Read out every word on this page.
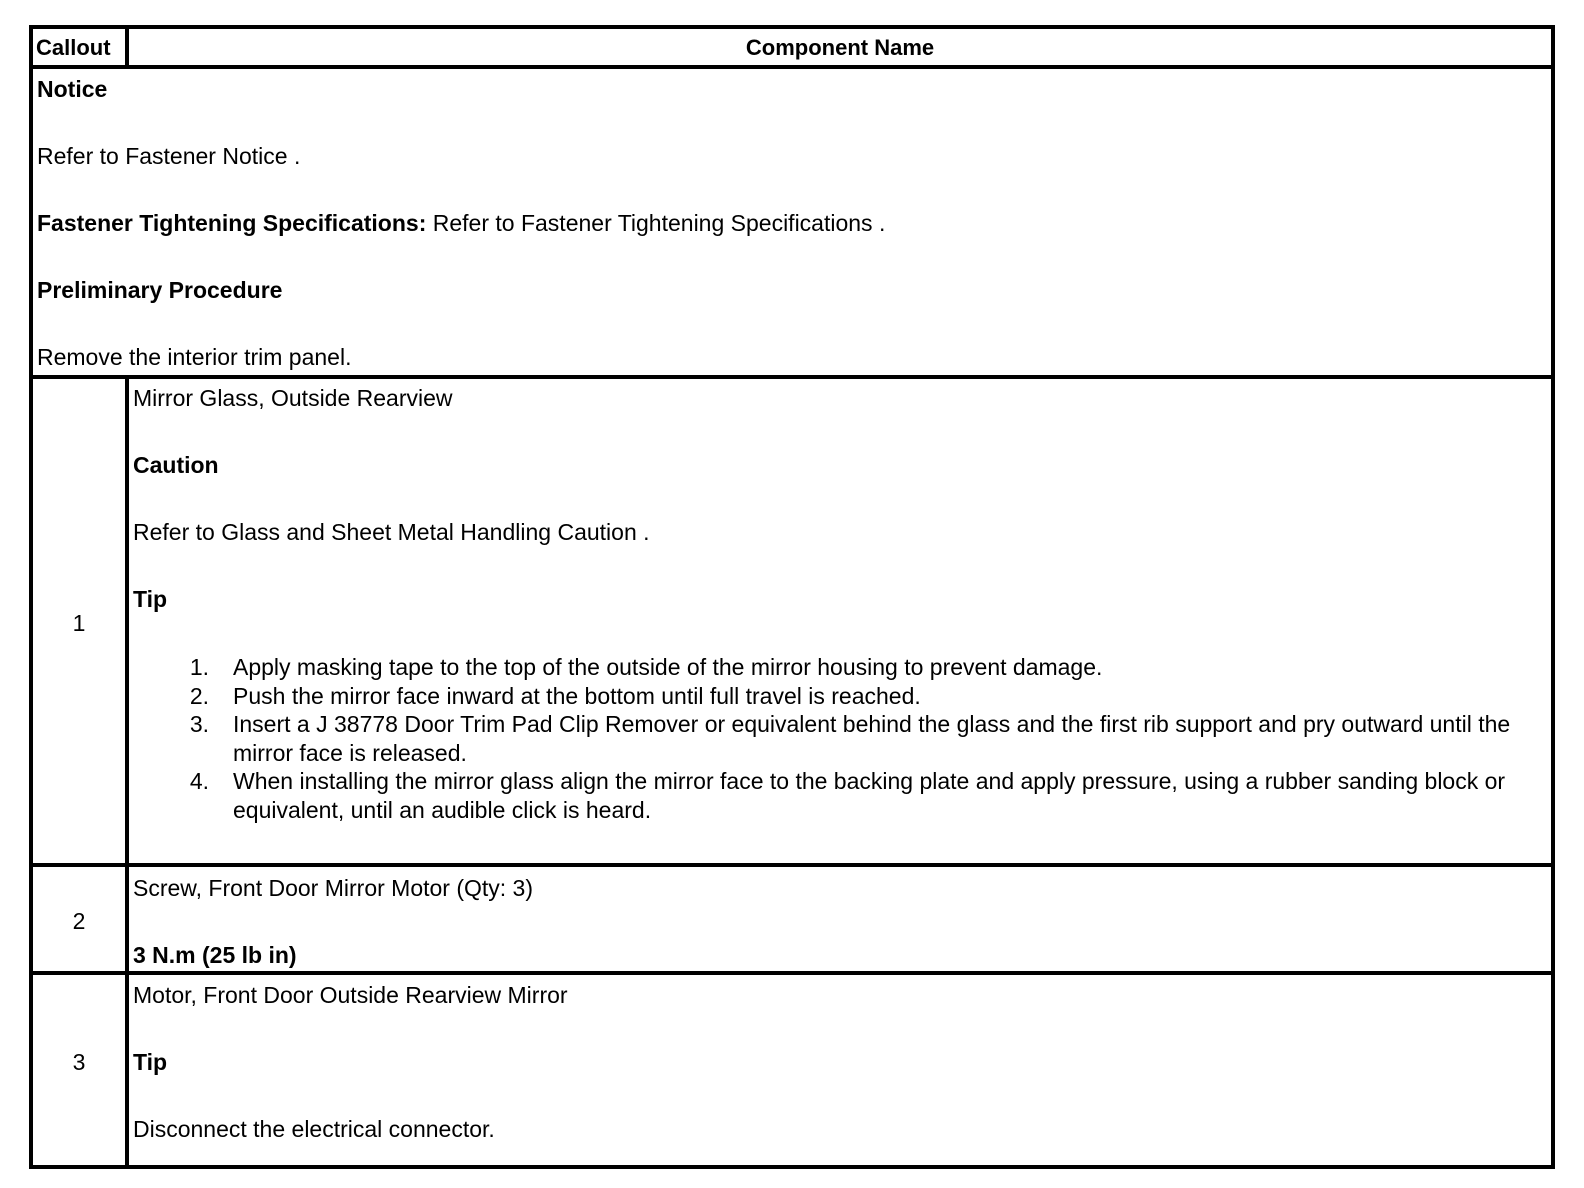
Callout	Component Name
Notice
Refer to Fastener Notice .
Fastener Tightening Specifications: Refer to Fastener Tightening Specifications .
Preliminary Procedure
Remove the interior trim panel.
1
Mirror Glass, Outside Rearview
Caution
Refer to Glass and Sheet Metal Handling Caution .
Tip
1. Apply masking tape to the top of the outside of the mirror housing to prevent damage.
2. Push the mirror face inward at the bottom until full travel is reached.
3. Insert a J 38778 Door Trim Pad Clip Remover or equivalent behind the glass and the first rib support and pry outward until the mirror face is released.
4. When installing the mirror glass align the mirror face to the backing plate and apply pressure, using a rubber sanding block or equivalent, until an audible click is heard.
2
Screw, Front Door Mirror Motor (Qty: 3)
3 N.m (25 lb in)
3
Motor, Front Door Outside Rearview Mirror
Tip
Disconnect the electrical connector.
